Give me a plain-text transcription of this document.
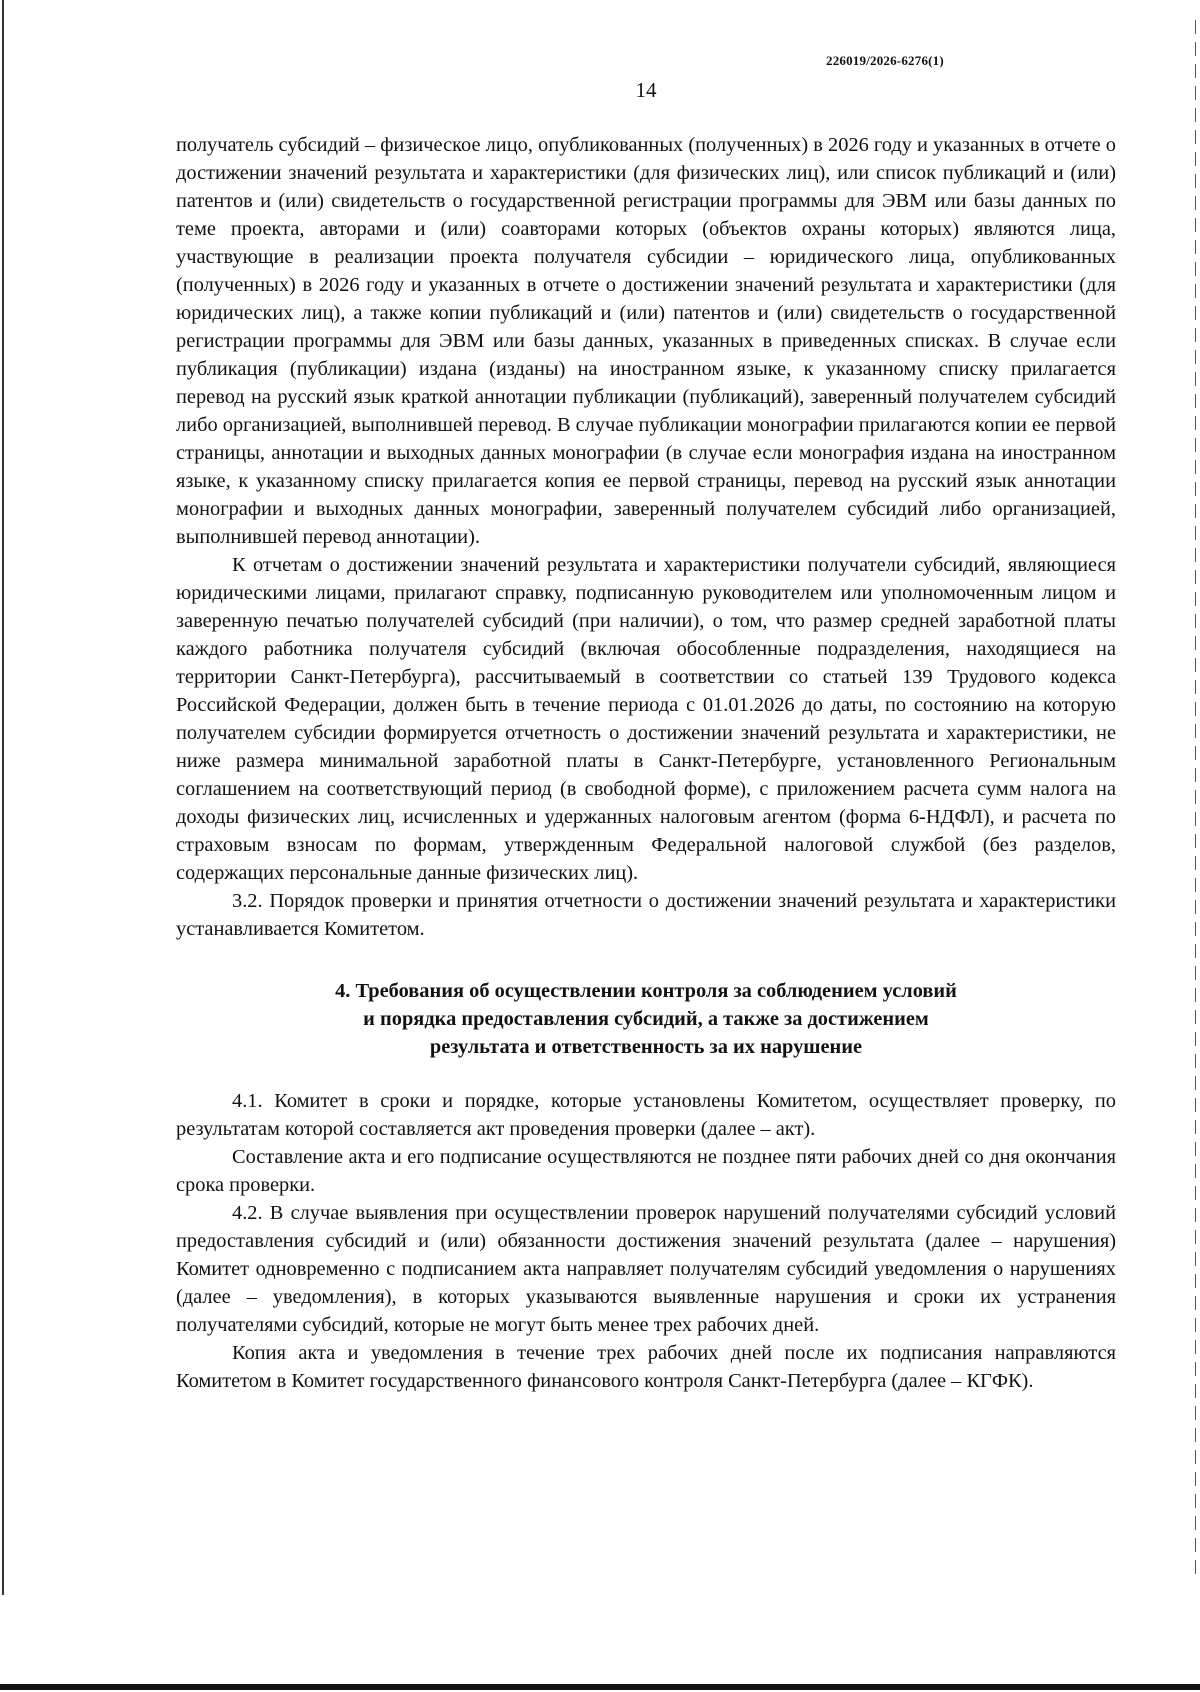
226019/2026-6276(1)
14

получатель субсидий – физическое лицо, опубликованных (полученных) в 2026 году и указанных в отчете о достижении значений результата и характеристики (для физических лиц), или список публикаций и (или) патентов и (или) свидетельств о государственной регистрации программы для ЭВМ или базы данных по теме проекта, авторами и (или) соавторами которых (объектов охраны которых) являются лица, участвующие в реализации проекта получателя субсидии – юридического лица, опубликованных (полученных) в 2026 году и указанных в отчете о достижении значений результата и характеристики (для юридических лиц), а также копии публикаций и (или) патентов и (или) свидетельств о государственной регистрации программы для ЭВМ или базы данных, указанных в приведенных списках. В случае если публикация (публикации) издана (изданы) на иностранном языке, к указанному списку прилагается перевод на русский язык краткой аннотации публикации (публикаций), заверенный получателем субсидий либо организацией, выполнившей перевод. В случае публикации монографии прилагаются копии ее первой страницы, аннотации и выходных данных монографии (в случае если монография издана на иностранном языке, к указанному списку прилагается копия ее первой страницы, перевод на русский язык аннотации монографии и выходных данных монографии, заверенный получателем субсидий либо организацией, выполнившей перевод аннотации).

К отчетам о достижении значений результата и характеристики получатели субсидий, являющиеся юридическими лицами, прилагают справку, подписанную руководителем или уполномоченным лицом и заверенную печатью получателей субсидий (при наличии), о том, что размер средней заработной платы каждого работника получателя субсидий (включая обособленные подразделения, находящиеся на территории Санкт-Петербурга), рассчитываемый в соответствии со статьей 139 Трудового кодекса Российской Федерации, должен быть в течение периода с 01.01.2026 до даты, по состоянию на которую получателем субсидии формируется отчетность о достижении значений результата и характеристики, не ниже размера минимальной заработной платы в Санкт-Петербурге, установленного Региональным соглашением на соответствующий период (в свободной форме), с приложением расчета сумм налога на доходы физических лиц, исчисленных и удержанных налоговым агентом (форма 6-НДФЛ), и расчета по страховым взносам по формам, утвержденным Федеральной налоговой службой (без разделов, содержащих персональные данные физических лиц).

3.2. Порядок проверки и принятия отчетности о достижении значений результата и характеристики устанавливается Комитетом.

4. Требования об осуществлении контроля за соблюдением условий
и порядка предоставления субсидий, а также за достижением
результата и ответственность за их нарушение

4.1. Комитет в сроки и порядке, которые установлены Комитетом, осуществляет проверку, по результатам которой составляется акт проведения проверки (далее – акт).

Составление акта и его подписание осуществляются не позднее пяти рабочих дней со дня окончания срока проверки.

4.2. В случае выявления при осуществлении проверок нарушений получателями субсидий условий предоставления субсидий и (или) обязанности достижения значений результата (далее – нарушения) Комитет одновременно с подписанием акта направляет получателям субсидий уведомления о нарушениях (далее – уведомления), в которых указываются выявленные нарушения и сроки их устранения получателями субсидий, которые не могут быть менее трех рабочих дней.

Копия акта и уведомления в течение трех рабочих дней после их подписания направляются Комитетом в Комитет государственного финансового контроля Санкт-Петербурга (далее – КГФК).
